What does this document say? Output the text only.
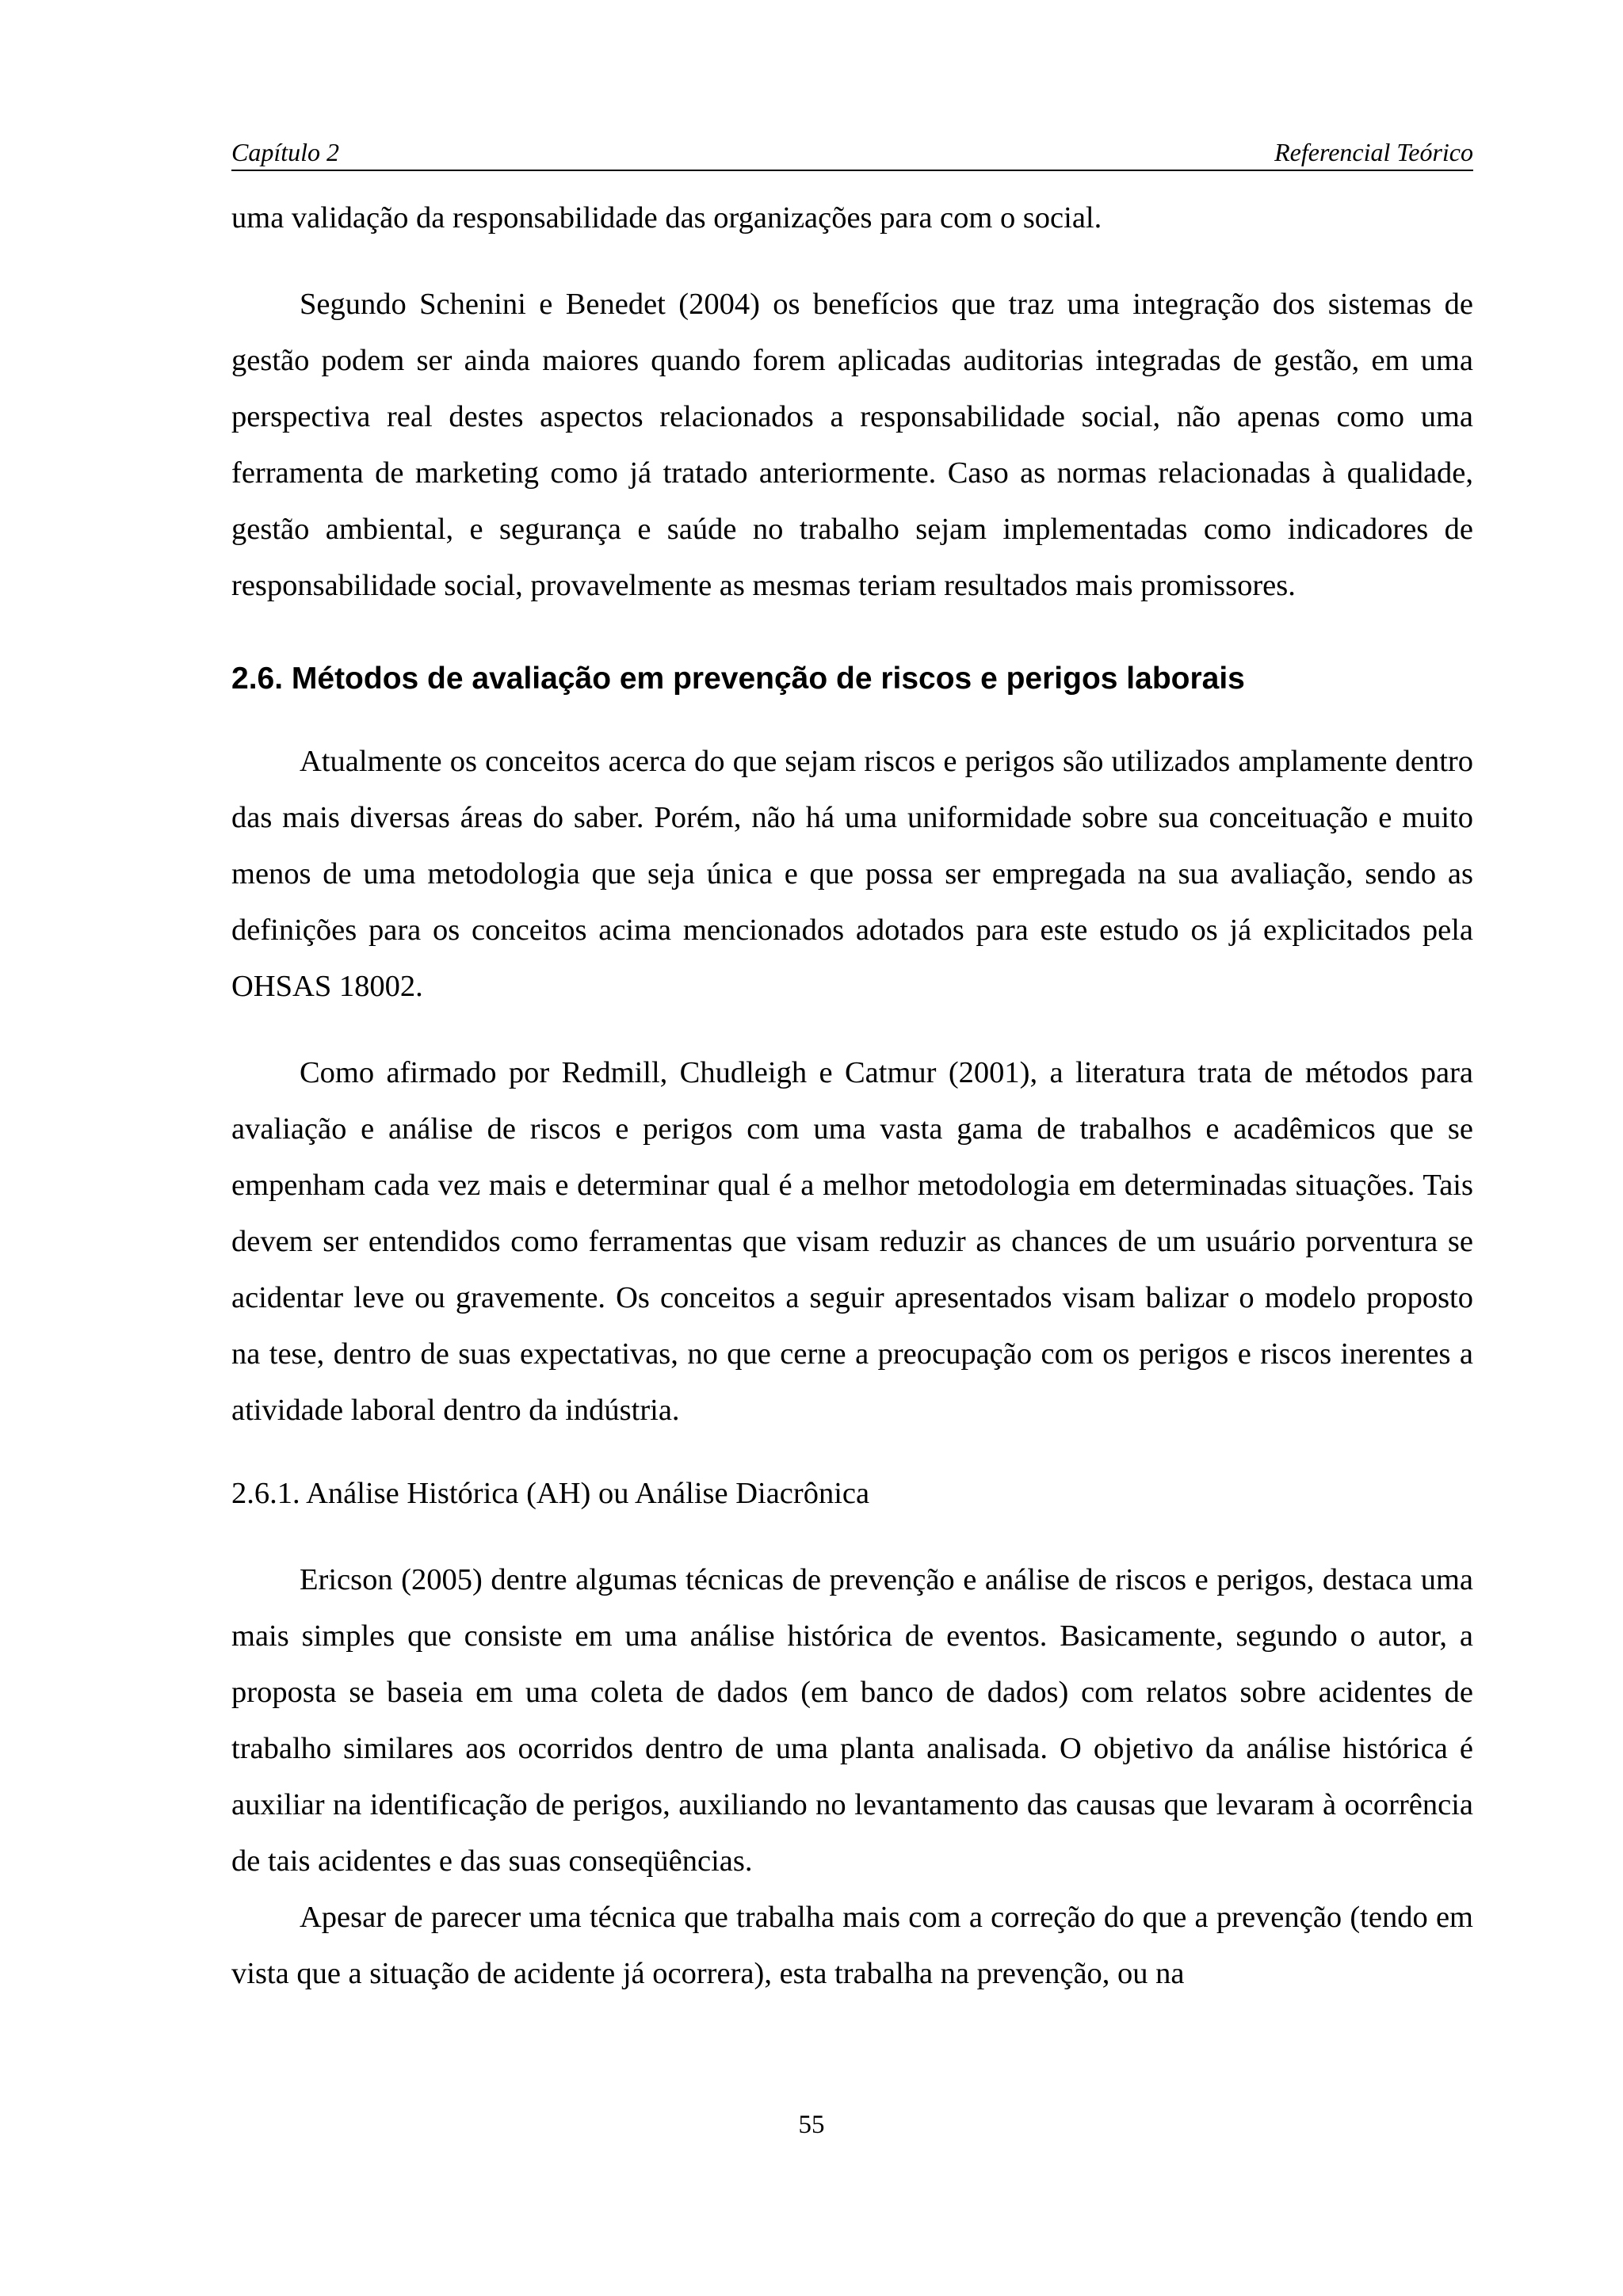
Capítulo 2	Referencial Teórico

uma validação da responsabilidade das organizações para com o social.

Segundo Schenini e Benedet (2004) os benefícios que traz uma integração dos sistemas de gestão podem ser ainda maiores quando forem aplicadas auditorias integradas de gestão, em uma perspectiva real destes aspectos relacionados a responsabilidade social, não apenas como uma ferramenta de marketing como já tratado anteriormente. Caso as normas relacionadas à qualidade, gestão ambiental, e segurança e saúde no trabalho sejam implementadas como indicadores de responsabilidade social, provavelmente as mesmas teriam resultados mais promissores.

2.6. Métodos de avaliação em prevenção de riscos e perigos laborais

Atualmente os conceitos acerca do que sejam riscos e perigos são utilizados amplamente dentro das mais diversas áreas do saber. Porém, não há uma uniformidade sobre sua conceituação e muito menos de uma metodologia que seja única e que possa ser empregada na sua avaliação, sendo as definições para os conceitos acima mencionados adotados para este estudo os já explicitados pela OHSAS 18002.

Como afirmado por Redmill, Chudleigh e Catmur (2001), a literatura trata de métodos para avaliação e análise de riscos e perigos com uma vasta gama de trabalhos e acadêmicos que se empenham cada vez mais e determinar qual é a melhor metodologia em determinadas situações. Tais devem ser entendidos como ferramentas que visam reduzir as chances de um usuário porventura se acidentar leve ou gravemente. Os conceitos a seguir apresentados visam balizar o modelo proposto na tese, dentro de suas expectativas, no que cerne a preocupação com os perigos e riscos inerentes a atividade laboral dentro da indústria.

2.6.1. Análise Histórica (AH) ou Análise Diacrônica

Ericson (2005) dentre algumas técnicas de prevenção e análise de riscos e perigos, destaca uma mais simples que consiste em uma análise histórica de eventos. Basicamente, segundo o autor, a proposta se baseia em uma coleta de dados (em banco de dados) com relatos sobre acidentes de trabalho similares aos ocorridos dentro de uma planta analisada. O objetivo da análise histórica é auxiliar na identificação de perigos, auxiliando no levantamento das causas que levaram à ocorrência de tais acidentes e das suas conseqüências.

Apesar de parecer uma técnica que trabalha mais com a correção do que a prevenção (tendo em vista que a situação de acidente já ocorrera), esta trabalha na prevenção, ou na

55
